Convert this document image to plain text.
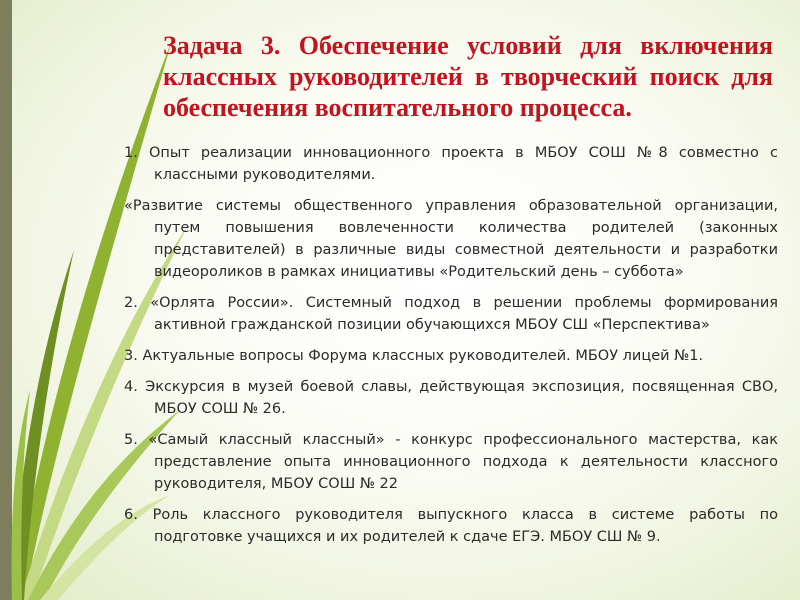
Задача 3. Обеспечение условий для включения классных руководителей в творческий поиск для обеспечения воспитательного процесса.
1. Опыт реализации инновационного проекта в МБОУ СОШ №8 совместно с классными руководителями.
«Развитие системы общественного управления образовательной организации, путем повышения вовлеченности количества родителей (законных представителей) в различные виды совместной деятельности и разработки видеороликов в рамках инициативы «Родительский день – суббота»
2. «Орлята России». Системный подход в решении проблемы формирования активной гражданской позиции обучающихся МБОУ СШ «Перспектива»
3. Актуальные вопросы Форума классных руководителей. МБОУ лицей №1.
4. Экскурсия в музей боевой славы, действующая экспозиция, посвященная СВО, МБОУ СОШ № 26.
5. «Самый классный классный» - конкурс профессионального мастерства, как представление опыта инновационного подхода к деятельности классного руководителя, МБОУ СОШ № 22
6. Роль классного руководителя выпускного класса в системе работы по подготовке учащихся и их родителей к сдаче ЕГЭ. МБОУ СШ № 9.
